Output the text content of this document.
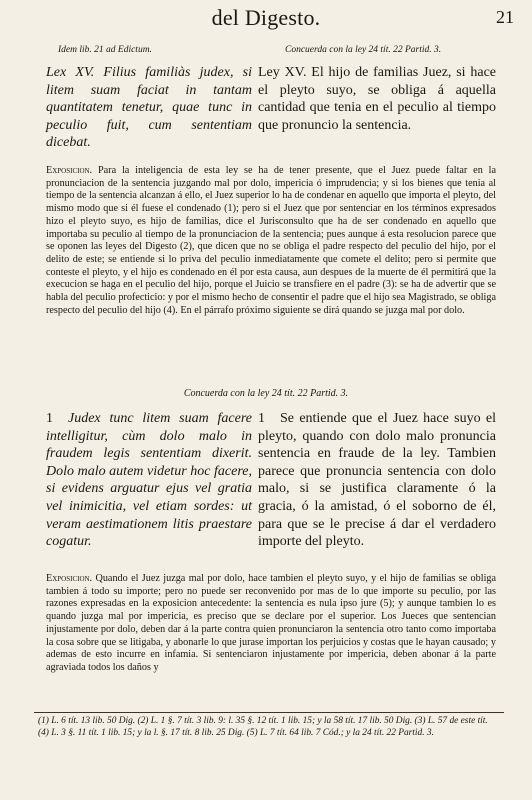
del Digesto.	21
Idem lib. 21 ad Edictum.	Concuerda con la ley 24 tít. 22 Partid. 3.
Lex XV. Filius familiàs judex, si litem suam faciat in tantam quantitatem tenetur, quae tunc in peculio fuit, cum sententiam dicebat.
Ley XV. El hijo de familias Juez, si hace el pleyto suyo, se obliga á aquella cantidad que tenia en el peculio al tiempo que pronuncio la sentencia.
Exposicion. Para la inteligencia de esta ley se ha de tener presente, que el Juez puede faltar en la pronunciacion de la sentencia juzgando mal por dolo, impericia ó imprudencia; y si los bienes que tenia al tiempo de la sentencia alcanzan á ello, el Juez superior lo ha de condenar en aquello que importa el pleyto, del mismo modo que si él fuese el condenado (1); pero si el Juez que por sentenciar en los términos expresados hizo el pleyto suyo, es hijo de familias, dice el Jurisconsulto que ha de ser condenado en aquello que importaba su peculio al tiempo de la pronunciacion de la sentencia; pues aunque á esta resolucion parece que se oponen las leyes del Digesto (2), que dicen que no se obliga el padre respecto del peculio del hijo, por el delito de este; se entiende si lo priva del peculio inmediatamente que comete el delito; pero si permite que conteste el pleyto, y el hijo es condenado en él por esta causa, aun despues de la muerte de él permitirá que la execucion se haga en el peculio del hijo, porque el Juicio se transfiere en el padre (3): se ha de advertir que se habla del peculio profecticio: y por el mismo hecho de consentir el padre que el hijo sea Magistrado, se obliga respecto del peculio del hijo (4). En el párrafo próximo siguiente se dirá quando se juzga mal por dolo.
Concuerda con la ley 24 tít. 22 Partid. 3.
1 Judex tunc litem suam facere intelligitur, cùm dolo malo in fraudem legis sententiam dixerit. Dolo malo autem videtur hoc facere, si evidens arguatur ejus vel gratia vel inimicitia, vel etiam sordes: ut veram aestimationem litis praestare cogatur.
1 Se entiende que el Juez hace suyo el pleyto, quando con dolo malo pronuncia sentencia en fraude de la ley. Tambien parece que pronuncia sentencia con dolo malo, si se justifica claramente ó la gracia, ó la amistad, ó el soborno de él, para que se le precise á dar el verdadero importe del pleyto.
Exposicion. Quando el Juez juzga mal por dolo, hace tambien el pleyto suyo, y el hijo de familias se obliga tambien á todo su importe; pero no puede ser reconvenido por mas de lo que importe su peculio, por las razones expresadas en la exposicion antecedente: la sentencia es nula ipso jure (5); y aunque tambien lo es quando juzga mal por impericia, es preciso que se declare por el superior. Los Jueces que sentencian injustamente por dolo, deben dar á la parte contra quien pronunciaron la sentencia otro tanto como importaba la cosa sobre que se litigaba, y abonarle lo que jurase importan los perjuicios y costas que le hayan causado; y ademas de esto incurre en infamia. Si sentenciaron injustamente por impericia, deben abonar á la parte agraviada todos los daños y
(1) L. 6 tít. 13 lib. 50 Dig. (2) L. 1 §. 7 tít. 3 lib. 9: l. 35 §. 12 tít. 1 lib. 15; y la 58 tít. 17 lib. 50 Dig. (3) L. 57 de este tít. (4) L. 3 §. 11 tít. 1 lib. 15; y la l. §. 17 tít. 8 lib. 25 Dig. (5) L. 7 tít. 64 lib. 7 Cód.; y la 24 tít. 22 Partid. 3.
